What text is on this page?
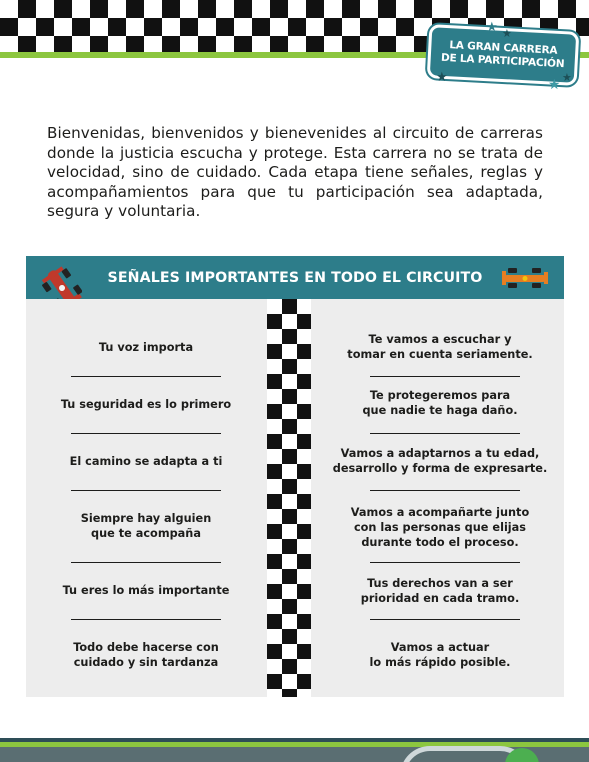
LA GRAN CARRERA
DE LA PARTICIPACIÓN
★ ★
★	★ ★

Bienvenidas, bienvenidos y bienevenides al circuito de carreras donde la justicia escucha y protege. Esta carrera no se trata de velocidad, sino de cuidado. Cada etapa tiene señales, reglas y acompañamientos para que tu participación sea adaptada, segura y voluntaria.

SEÑALES IMPORTANTES EN TODO EL CIRCUITO
Tu voz importa
Te vamos a escuchar y
tomar en cuenta seriamente.
Tu seguridad es lo primero
Te protegeremos para
que nadie te haga daño.
El camino se adapta a ti
Vamos a adaptarnos a tu edad,
desarrollo y forma de expresarte.
Siempre hay alguien
que te acompaña
Vamos a acompañarte junto
con las personas que elijas
durante todo el proceso.
Tu eres lo más importante	Tus derechos van a ser
prioridad en cada tramo.
Todo debe hacerse con
cuidado y sin tardanza
Vamos a actuar
lo más rápido posible.
